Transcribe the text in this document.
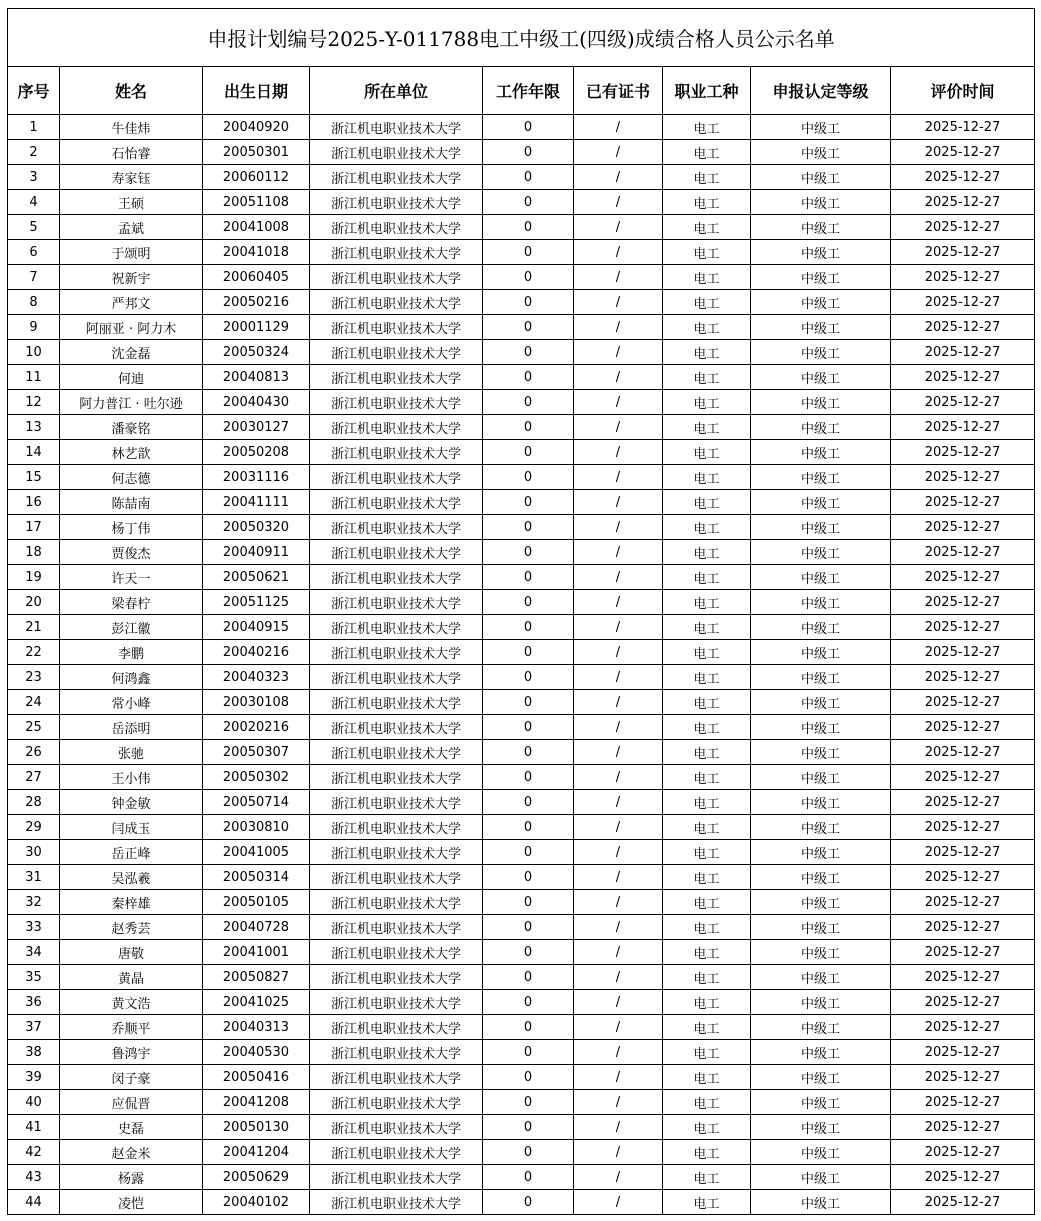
申报计划编号2025-Y-011788电工中级工(四级)成绩合格人员公示名单								
序号	姓名	出生日期	所在单位	工作年限	已有证书	职业工种	申报认定等级	评价时间
1	牛佳炜	20040920	浙江机电职业技术大学	0	/	电工	中级工	2025-12-27
2	石怡睿	20050301	浙江机电职业技术大学	0	/	电工	中级工	2025-12-27
3	寿家钰	20060112	浙江机电职业技术大学	0	/	电工	中级工	2025-12-27
4	王硕	20051108	浙江机电职业技术大学	0	/	电工	中级工	2025-12-27
5	孟斌	20041008	浙江机电职业技术大学	0	/	电工	中级工	2025-12-27
6	于颂明	20041018	浙江机电职业技术大学	0	/	电工	中级工	2025-12-27
7	祝新宇	20060405	浙江机电职业技术大学	0	/	电工	中级工	2025-12-27
8	严邦文	20050216	浙江机电职业技术大学	0	/	电工	中级工	2025-12-27
9	阿丽亚 · 阿力木	20001129	浙江机电职业技术大学	0	/	电工	中级工	2025-12-27
10	沈金磊	20050324	浙江机电职业技术大学	0	/	电工	中级工	2025-12-27
11	何迪	20040813	浙江机电职业技术大学	0	/	电工	中级工	2025-12-27
12	阿力普江 · 吐尔逊	20040430	浙江机电职业技术大学	0	/	电工	中级工	2025-12-27
13	潘豪铭	20030127	浙江机电职业技术大学	0	/	电工	中级工	2025-12-27
14	林艺歆	20050208	浙江机电职业技术大学	0	/	电工	中级工	2025-12-27
15	何志德	20031116	浙江机电职业技术大学	0	/	电工	中级工	2025-12-27
16	陈喆南	20041111	浙江机电职业技术大学	0	/	电工	中级工	2025-12-27
17	杨丁伟	20050320	浙江机电职业技术大学	0	/	电工	中级工	2025-12-27
18	贾俊杰	20040911	浙江机电职业技术大学	0	/	电工	中级工	2025-12-27
19	许天一	20050621	浙江机电职业技术大学	0	/	电工	中级工	2025-12-27
20	梁春柠	20051125	浙江机电职业技术大学	0	/	电工	中级工	2025-12-27
21	彭江徽	20040915	浙江机电职业技术大学	0	/	电工	中级工	2025-12-27
22	李鹏	20040216	浙江机电职业技术大学	0	/	电工	中级工	2025-12-27
23	何鸿鑫	20040323	浙江机电职业技术大学	0	/	电工	中级工	2025-12-27
24	常小峰	20030108	浙江机电职业技术大学	0	/	电工	中级工	2025-12-27
25	岳添明	20020216	浙江机电职业技术大学	0	/	电工	中级工	2025-12-27
26	张驰	20050307	浙江机电职业技术大学	0	/	电工	中级工	2025-12-27
27	王小伟	20050302	浙江机电职业技术大学	0	/	电工	中级工	2025-12-27
28	钟金敏	20050714	浙江机电职业技术大学	0	/	电工	中级工	2025-12-27
29	闫成玉	20030810	浙江机电职业技术大学	0	/	电工	中级工	2025-12-27
30	岳正峰	20041005	浙江机电职业技术大学	0	/	电工	中级工	2025-12-27
31	吴泓羲	20050314	浙江机电职业技术大学	0	/	电工	中级工	2025-12-27
32	秦梓雄	20050105	浙江机电职业技术大学	0	/	电工	中级工	2025-12-27
33	赵秀芸	20040728	浙江机电职业技术大学	0	/	电工	中级工	2025-12-27
34	唐敬	20041001	浙江机电职业技术大学	0	/	电工	中级工	2025-12-27
35	黄晶	20050827	浙江机电职业技术大学	0	/	电工	中级工	2025-12-27
36	黄文浩	20041025	浙江机电职业技术大学	0	/	电工	中级工	2025-12-27
37	乔顺平	20040313	浙江机电职业技术大学	0	/	电工	中级工	2025-12-27
38	鲁鸿宇	20040530	浙江机电职业技术大学	0	/	电工	中级工	2025-12-27
39	闵子豪	20050416	浙江机电职业技术大学	0	/	电工	中级工	2025-12-27
40	应侃晋	20041208	浙江机电职业技术大学	0	/	电工	中级工	2025-12-27
41	史磊	20050130	浙江机电职业技术大学	0	/	电工	中级工	2025-12-27
42	赵金米	20041204	浙江机电职业技术大学	0	/	电工	中级工	2025-12-27
43	杨露	20050629	浙江机电职业技术大学	0	/	电工	中级工	2025-12-27
44	凌恺	20040102	浙江机电职业技术大学	0	/	电工	中级工	2025-12-27
